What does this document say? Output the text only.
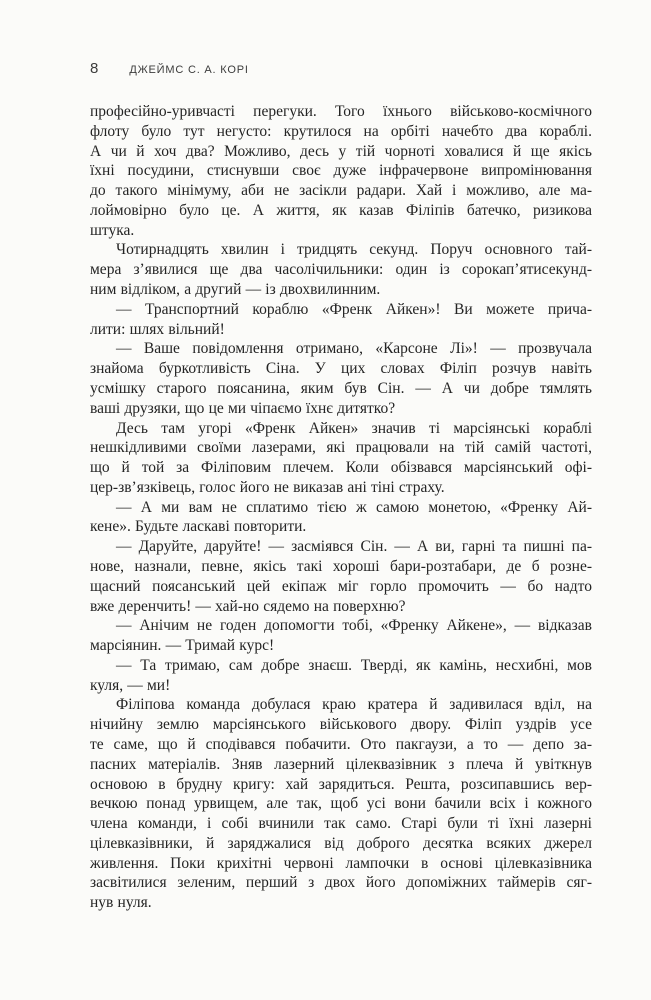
8	ДЖЕЙМС С. А. КОРІ

професійно-уривчасті перегуки. Того їхнього військово-космічного
флоту було тут негусто: крутилося на орбіті начебто два кораблі.
А чи й хоч два? Можливо, десь у тій чорноті ховалися й ще якісь
їхні посудини, стиснувши своє дуже інфрачервоне випромінювання
до такого мінімуму, аби не засікли радари. Хай і можливо, але ма-
лоймовірно було це. А життя, як казав Філіпів батечко, ризикова
штука.

Чотирнадцять хвилин і тридцять секунд. Поруч основного тай-
мера з’явилися ще два часолічильники: один із сорокап’ятисекунд-
ним відліком, а другий — із двохвилинним.

— Транспортний кораблю «Френк Айкен»! Ви можете прича-
лити: шлях вільний!

— Ваше повідомлення отримано, «Карсоне Лі»! — прозвучала
знайома буркотливість Сіна. У цих словах Філіп розчув навіть
усмішку старого поясанина, яким був Сін. — А чи добре тямлять
ваші друзяки, що це ми чіпаємо їхнє дитятко?

Десь там угорі «Френк Айкен» значив ті марсіянські кораблі
нешкідливими своїми лазерами, які працювали на тій самій частоті,
що й той за Філіповим плечем. Коли обізвався марсіянський офі-
цер-зв’язківець, голос його не виказав ані тіні страху.

— А ми вам не сплатимо тією ж самою монетою, «Френку Ай-
кене». Будьте ласкаві повторити.

— Даруйте, даруйте! — засміявся Сін. — А ви, гарні та пишні па-
нове, назнали, певне, якісь такі хороші бари-розтабари, де б розне-
щасний поясанський цей екіпаж міг горло промочить — бо надто
вже деренчить! — хай-но сядемо на поверхню?

— Анічим не годен допомогти тобі, «Френку Айкене», — відказав
марсіянин. — Тримай курс!

— Та тримаю, сам добре знаєш. Тверді, як камінь, несхибні, мов
куля, — ми!

Філіпова команда добулася краю кратера й задивилася вділ, на
нічийну землю марсіянського військового двору. Філіп уздрів усе
те саме, що й сподівався побачити. Ото пакгаузи, а то — депо за-
пасних матеріалів. Зняв лазерний цілеквазівник з плеча й увіткнув
основою в брудну кригу: хай зарядиться. Решта, розсипавшись вер-
вечкою понад урвищем, але так, щоб усі вони бачили всіх і кожного
члена команди, і собі вчинили так само. Старі були ті їхні лазерні
цілевказівники, й заряджалися від доброго десятка всяких джерел
живлення. Поки крихітні червоні лампочки в основі цілевказівника
засвітилися зеленим, перший з двох його допоміжних таймерів сяг-
нув нуля.
